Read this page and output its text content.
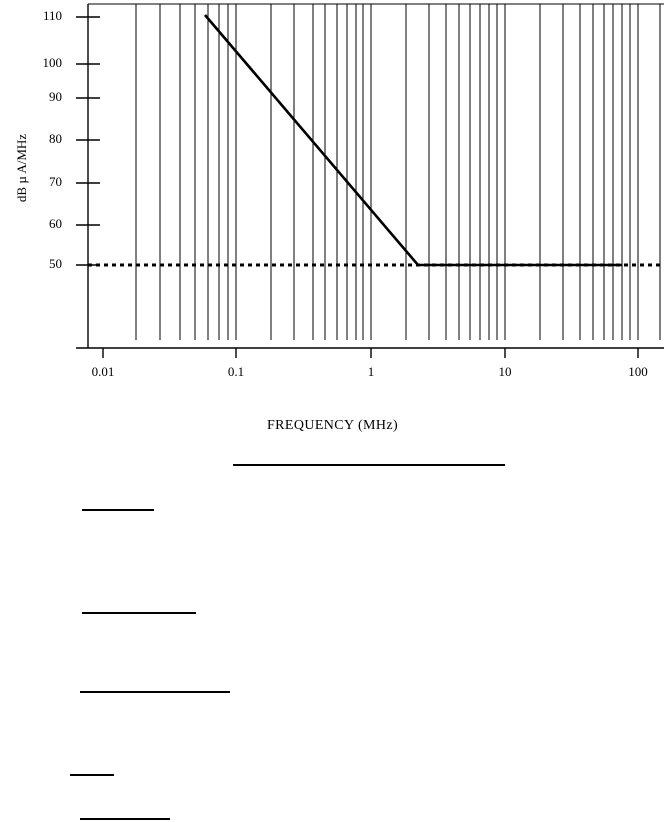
110
100
90
80
70
60
50
0.01	0.1	1	10	100
dB µ A/MHz
FREQUENCY (MHz)
